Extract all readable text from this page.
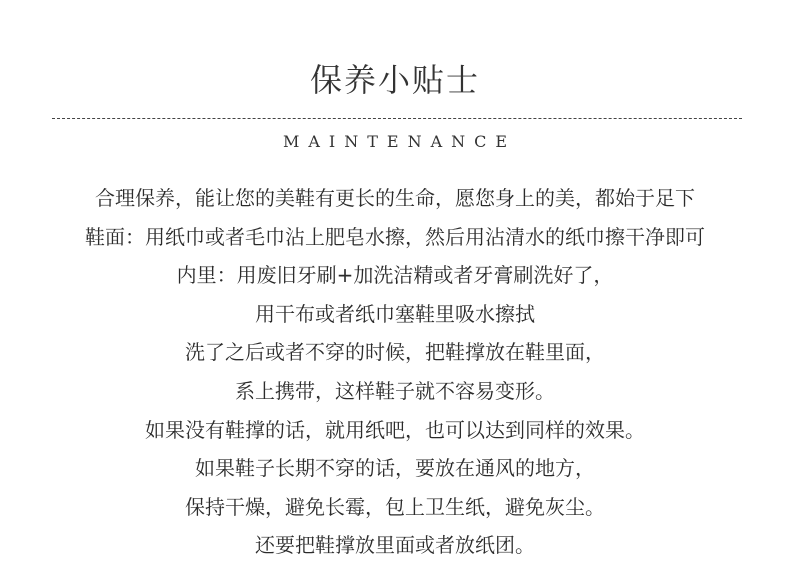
保养小贴士
MAINTENANCE
合理保养，能让您的美鞋有更长的生命，愿您身上的美，都始于足下
鞋面：用纸巾或者毛巾沾上肥皂水擦，然后用沾清水的纸巾擦干净即可
内里：用废旧牙刷+加洗洁精或者牙膏刷洗好了，
用干布或者纸巾塞鞋里吸水擦拭
洗了之后或者不穿的时候，把鞋撑放在鞋里面，
系上携带，这样鞋子就不容易变形。
如果没有鞋撑的话，就用纸吧，也可以达到同样的效果。
如果鞋子长期不穿的话，要放在通风的地方，
保持干燥，避免长霉，包上卫生纸，避免灰尘。
还要把鞋撑放里面或者放纸团。
